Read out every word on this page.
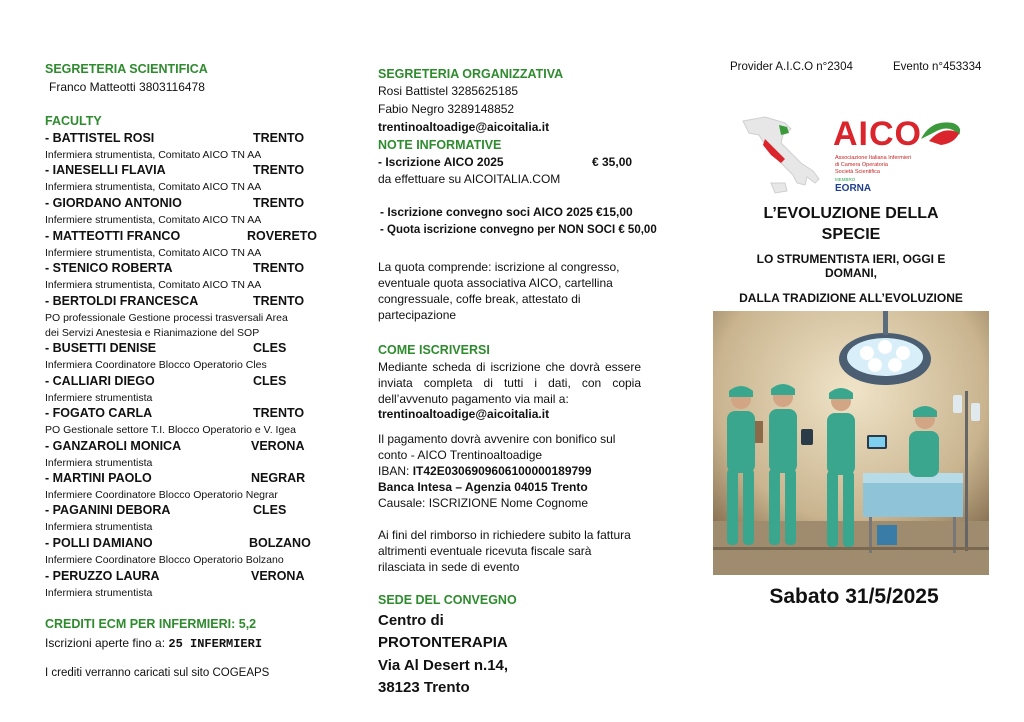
SEGRETERIA SCIENTIFICA
Franco Matteotti 3803116478
FACULTY
- BATTISTEL ROSI	TRENTO
Infermiera strumentista, Comitato AICO TN AA
- IANESELLI FLAVIA	TRENTO
Infermiera strumentista, Comitato AICO TN AA
- GIORDANO ANTONIO	TRENTO
Infermiere strumentista, Comitato AICO TN AA
- MATTEOTTI FRANCO	ROVERETO
Infermiere strumentista, Comitato AICO TN AA
- STENICO ROBERTA	TRENTO
Infermiera strumentista, Comitato AICO TN AA
- BERTOLDI FRANCESCA	TRENTO
PO professionale Gestione processi trasversali Area
dei Servizi Anestesia e Rianimazione del SOP
- BUSETTI DENISE	CLES
Infermiera Coordinatore Blocco Operatorio Cles
- CALLIARI DIEGO	CLES
Infermiere strumentista
- FOGATO CARLA	TRENTO
PO Gestionale settore T.I. Blocco Operatorio e V. Igea
- GANZAROLI MONICA	VERONA
Infermiera strumentista
- MARTINI PAOLO	NEGRAR
Infermiere Coordinatore Blocco Operatorio Negrar
- PAGANINI DEBORA	CLES
Infermiera strumentista
- POLLI DAMIANO	BOLZANO
Infermiere Coordinatore Blocco Operatorio Bolzano
- PERUZZO LAURA	VERONA
Infermiera strumentista
CREDITI ECM PER INFERMIERI: 5,2
Iscrizioni aperte fino a: 25 INFERMIERI
I crediti verranno caricati sul sito COGEAPS
SEGRETERIA ORGANIZZATIVA
Rosi Battistel 3285625185
Fabio Negro 3289148852
trentinoaltoadige@aicoitalia.it
NOTE INFORMATIVE
- Iscrizione AICO 2025	€ 35,00
da effettuare su AICOITALIA.COM
- Iscrizione convegno soci AICO 2025 €15,00
- Quota iscrizione convegno per NON SOCI € 50,00
La quota comprende: iscrizione al congresso, eventuale quota associativa AICO, cartellina congressuale, coffe break, attestato di partecipazione
COME ISCRIVERSI
Mediante scheda di iscrizione che dovrà essere inviata completa di tutti i dati, con copia dell’avvenuto pagamento via mail a:
trentinoaltoadige@aicoitalia.it
Il pagamento dovrà avvenire con bonifico sul
conto - AICO Trentinoaltoadige
IBAN: IT42E0306909606100000189799
Banca Intesa – Agenzia 04015 Trento
Causale: ISCRIZIONE Nome Cognome
Ai fini del rimborso in richiedere subito la fattura altrimenti eventuale ricevuta fiscale sarà rilasciata in sede di evento
SEDE DEL CONVEGNO
Centro di
PROTONTERAPIA
Via Al Desert n.14,
38123 Trento
Provider A.I.C.O n°2304	Evento n°453334
AICO
Associazione Italiana Infermieri
di Camera Operatoria
Società Scientifica
MEMBRO
EORNA
L’EVOLUZIONE DELLA SPECIE
LO STRUMENTISTA IERI, OGGI E DOMANI,
DALLA TRADIZIONE ALL’EVOLUZIONE
Sabato 31/5/2025
